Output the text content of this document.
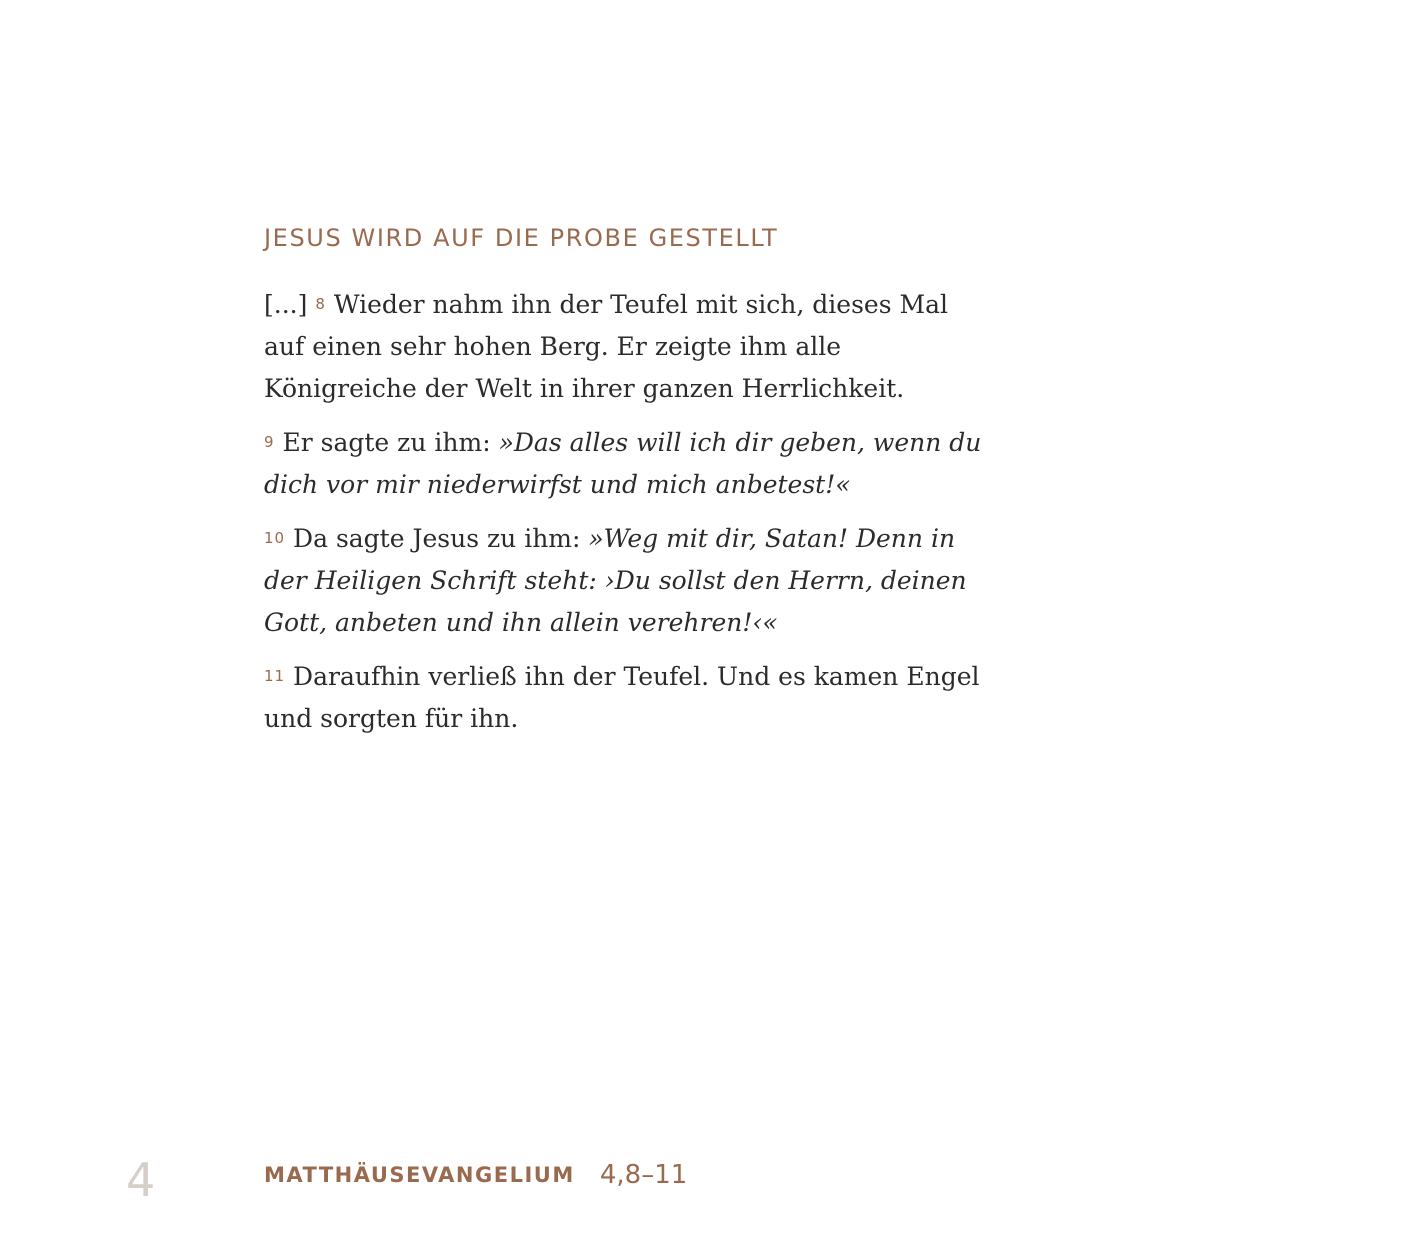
JESUS WIRD AUF DIE PROBE GESTELLT

[...] 8 Wieder nahm ihn der Teufel mit sich, dieses Mal auf einen sehr hohen Berg. Er zeigte ihm alle Königreiche der Welt in ihrer ganzen Herrlichkeit.

9 Er sagte zu ihm: »Das alles will ich dir geben, wenn du dich vor mir niederwirfst und mich anbetest!«

10 Da sagte Jesus zu ihm: »Weg mit dir, Satan! Denn in der Heiligen Schrift steht: ›Du sollst den Herrn, deinen Gott, anbeten und ihn allein verehren!‹«

11 Daraufhin verließ ihn der Teufel. Und es kamen Engel und sorgten für ihn.

4	MATTHÄUSEVANGELIUM 4,8–11
